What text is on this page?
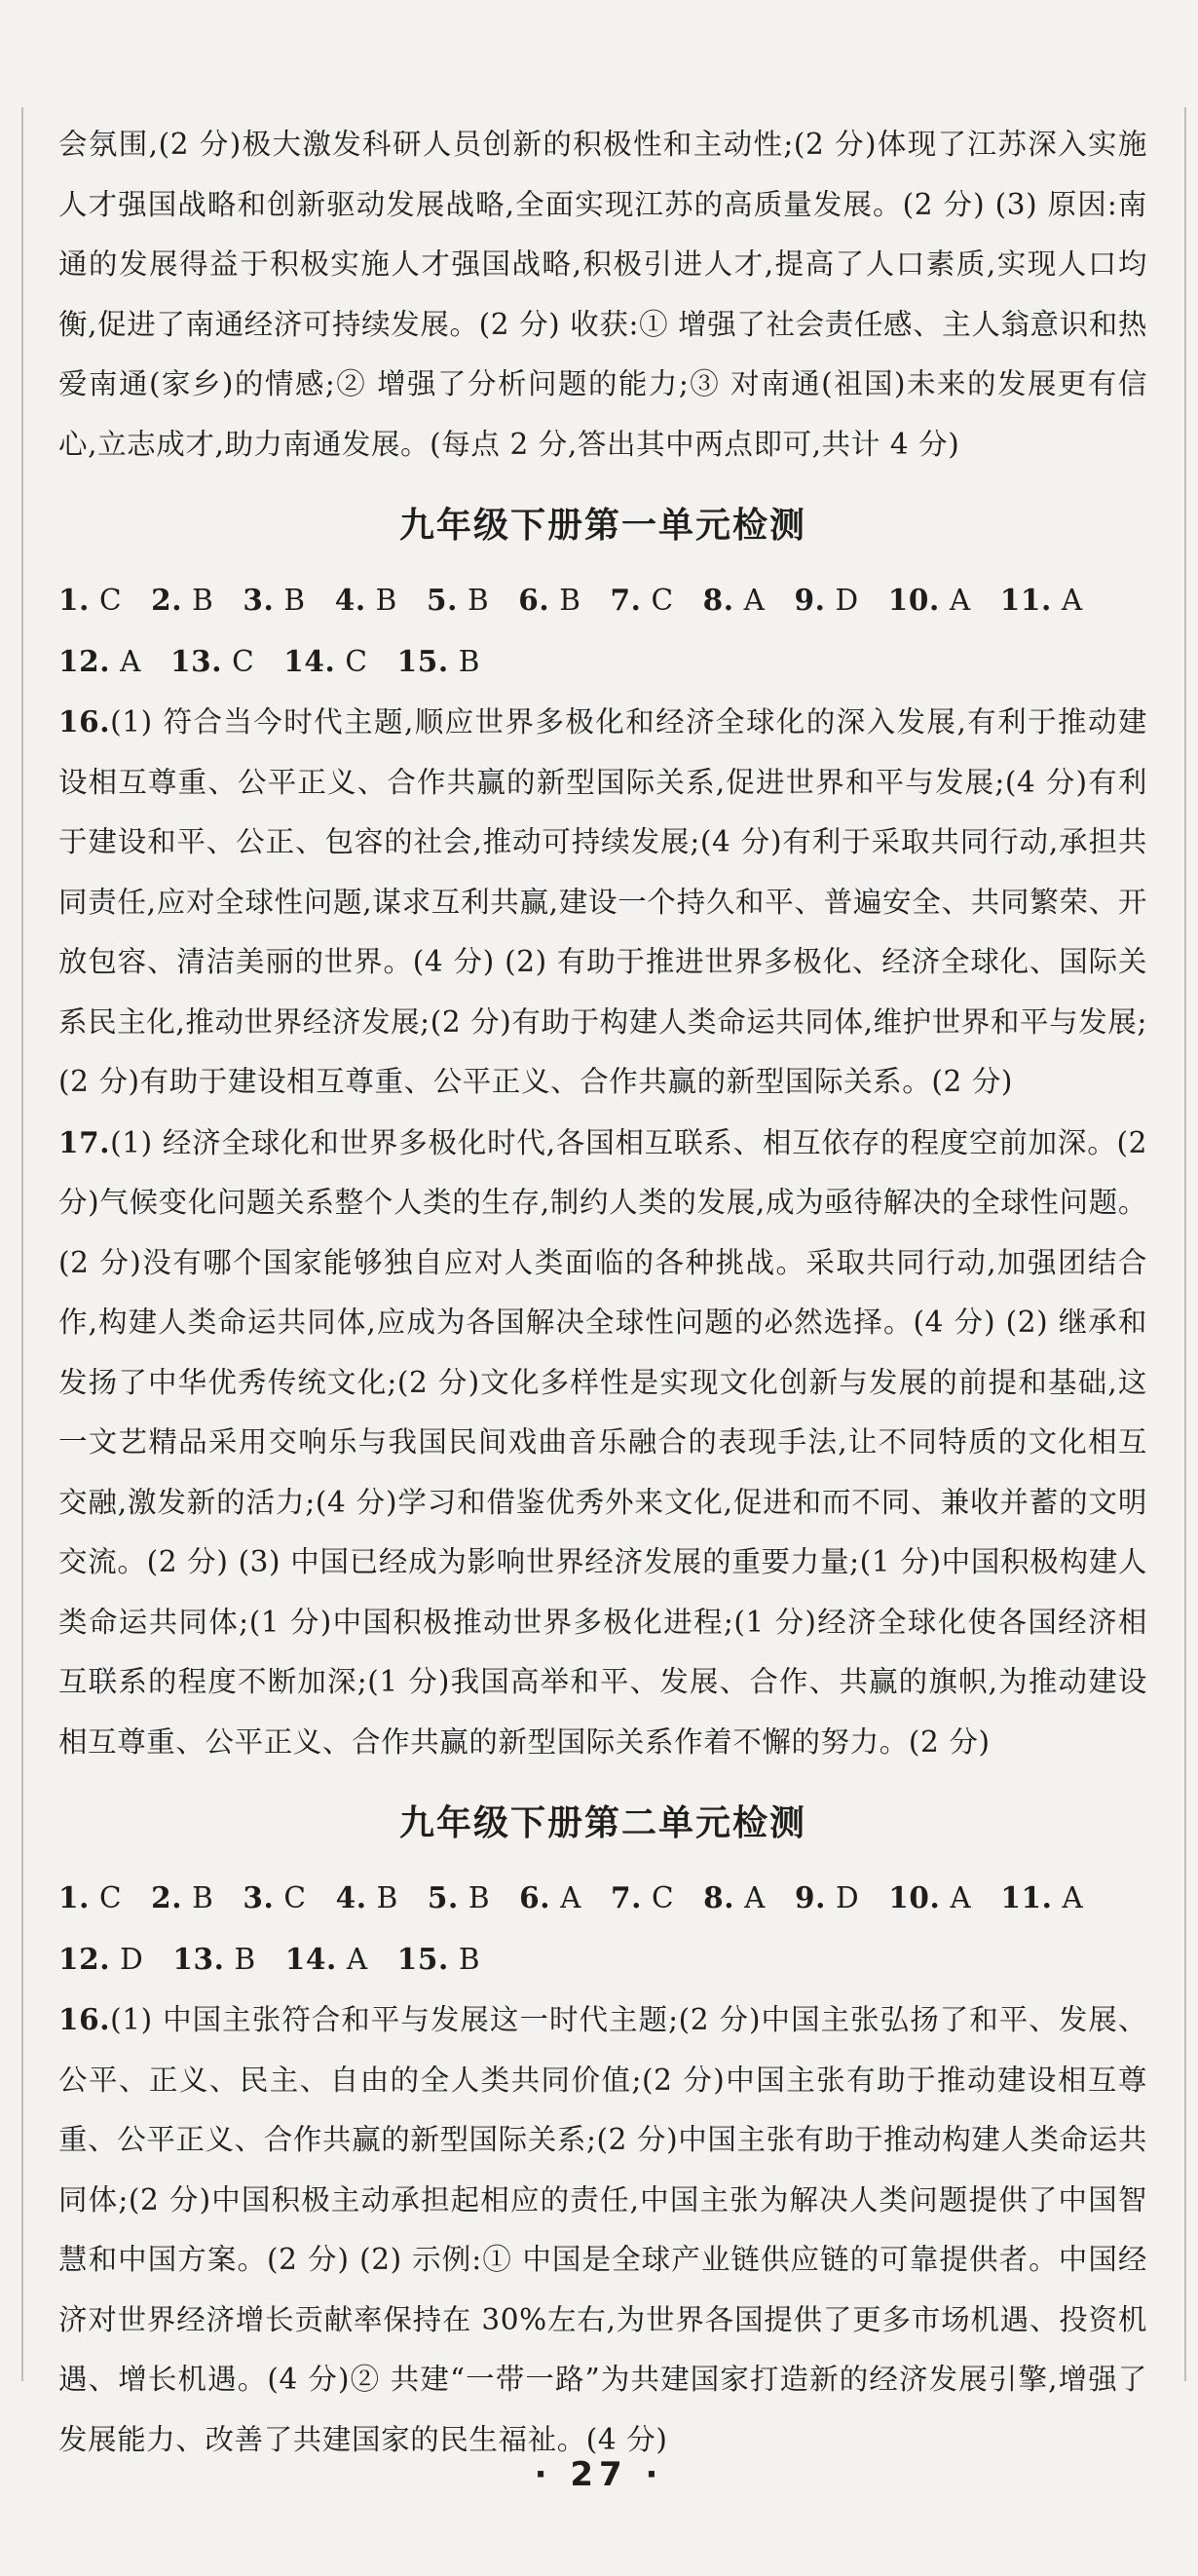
会氛围,(2 分)极大激发科研人员创新的积极性和主动性;(2 分)体现了江苏深入实施人才强国战略和创新驱动发展战略,全面实现江苏的高质量发展。(2 分) (3) 原因:南通的发展得益于积极实施人才强国战略,积极引进人才,提高了人口素质,实现人口均衡,促进了南通经济可持续发展。(2 分) 收获:① 增强了社会责任感、主人翁意识和热爱南通(家乡)的情感;② 增强了分析问题的能力;③ 对南通(祖国)未来的发展更有信心,立志成才,助力南通发展。(每点 2 分,答出其中两点即可,共计 4 分)

九年级下册第一单元检测
1. C 2. B 3. B 4. B 5. B 6. B 7. C 8. A 9. D 10. A 11. A
12. A 13. C 14. C 15. B

16.(1) 符合当今时代主题,顺应世界多极化和经济全球化的深入发展,有利于推动建设相互尊重、公平正义、合作共赢的新型国际关系,促进世界和平与发展;(4 分)有利于建设和平、公正、包容的社会,推动可持续发展;(4 分)有利于采取共同行动,承担共同责任,应对全球性问题,谋求互利共赢,建设一个持久和平、普遍安全、共同繁荣、开放包容、清洁美丽的世界。(4 分) (2) 有助于推进世界多极化、经济全球化、国际关系民主化,推动世界经济发展;(2 分)有助于构建人类命运共同体,维护世界和平与发展;(2 分)有助于建设相互尊重、公平正义、合作共赢的新型国际关系。(2 分)

17.(1) 经济全球化和世界多极化时代,各国相互联系、相互依存的程度空前加深。(2 分)气候变化问题关系整个人类的生存,制约人类的发展,成为亟待解决的全球性问题。(2 分)没有哪个国家能够独自应对人类面临的各种挑战。采取共同行动,加强团结合作,构建人类命运共同体,应成为各国解决全球性问题的必然选择。(4 分) (2) 继承和发扬了中华优秀传统文化;(2 分)文化多样性是实现文化创新与发展的前提和基础,这一文艺精品采用交响乐与我国民间戏曲音乐融合的表现手法,让不同特质的文化相互交融,激发新的活力;(4 分)学习和借鉴优秀外来文化,促进和而不同、兼收并蓄的文明交流。(2 分) (3) 中国已经成为影响世界经济发展的重要力量;(1 分)中国积极构建人类命运共同体;(1 分)中国积极推动世界多极化进程;(1 分)经济全球化使各国经济相互联系的程度不断加深;(1 分)我国高举和平、发展、合作、共赢的旗帜,为推动建设相互尊重、公平正义、合作共赢的新型国际关系作着不懈的努力。(2 分)

九年级下册第二单元检测
1. C 2. B 3. C 4. B 5. B 6. A 7. C 8. A 9. D 10. A 11. A
12. D 13. B 14. A 15. B

16.(1) 中国主张符合和平与发展这一时代主题;(2 分)中国主张弘扬了和平、发展、公平、正义、民主、自由的全人类共同价值;(2 分)中国主张有助于推动建设相互尊重、公平正义、合作共赢的新型国际关系;(2 分)中国主张有助于推动构建人类命运共同体;(2 分)中国积极主动承担起相应的责任,中国主张为解决人类问题提供了中国智慧和中国方案。(2 分) (2) 示例:① 中国是全球产业链供应链的可靠提供者。中国经济对世界经济增长贡献率保持在 30%左右,为世界各国提供了更多市场机遇、投资机遇、增长机遇。(4 分)② 共建“一带一路”为共建国家打造新的经济发展引擎,增强了发展能力、改善了共建国家的民生福祉。(4 分)

· 27 ·
